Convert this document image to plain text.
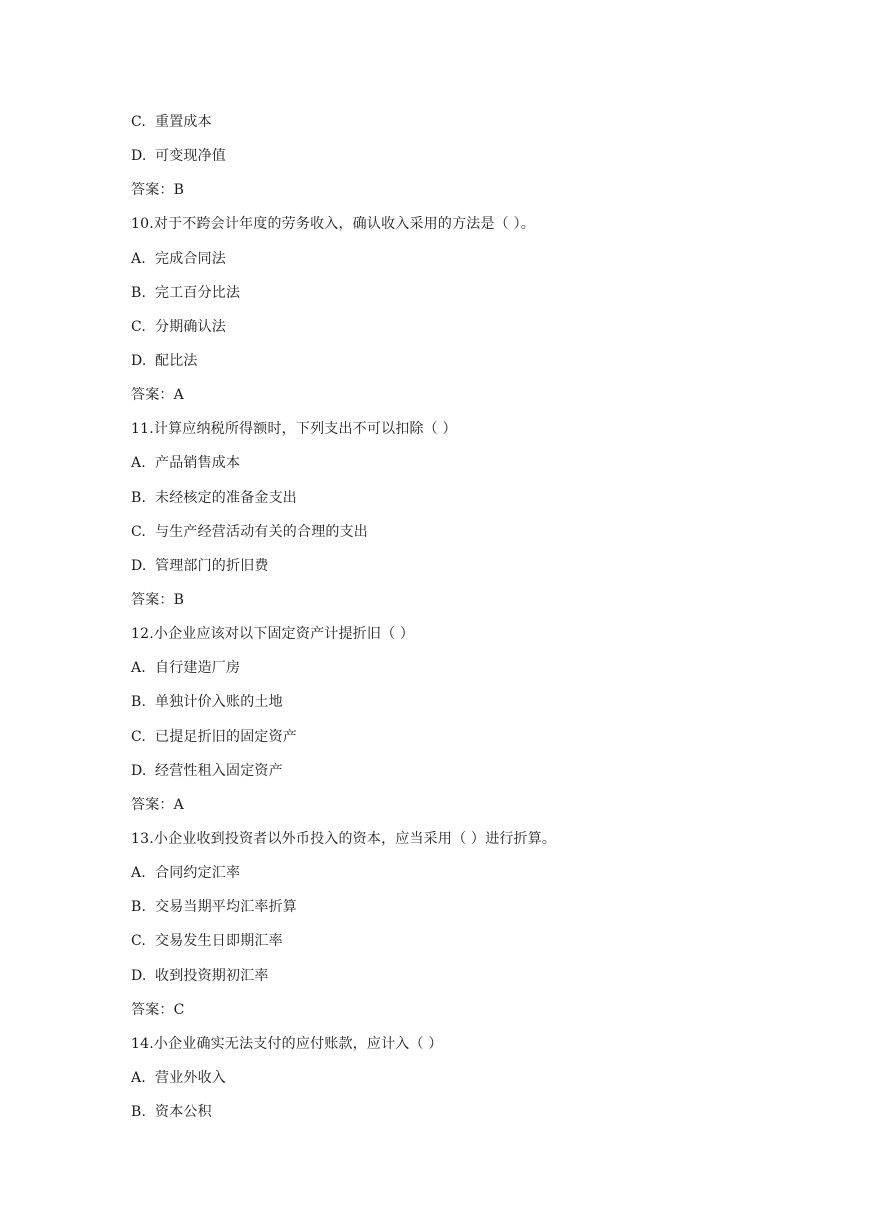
C. 重置成本
D. 可变现净值
答案：B
10.对于不跨会计年度的劳务收入，确认收入采用的方法是（ ）。
A. 完成合同法
B. 完工百分比法
C. 分期确认法
D. 配比法
答案：A
11.计算应纳税所得额时，下列支出不可以扣除（ ）
A. 产品销售成本
B. 未经核定的准备金支出
C. 与生产经营活动有关的合理的支出
D. 管理部门的折旧费
答案：B
12.小企业应该对以下固定资产计提折旧（ ）
A. 自行建造厂房
B. 单独计价入账的土地
C. 已提足折旧的固定资产
D. 经营性租入固定资产
答案：A
13.小企业收到投资者以外币投入的资本，应当采用（ ）进行折算。
A. 合同约定汇率
B. 交易当期平均汇率折算
C. 交易发生日即期汇率
D. 收到投资期初汇率
答案：C
14.小企业确实无法支付的应付账款，应计入（ ）
A. 营业外收入
B. 资本公积
